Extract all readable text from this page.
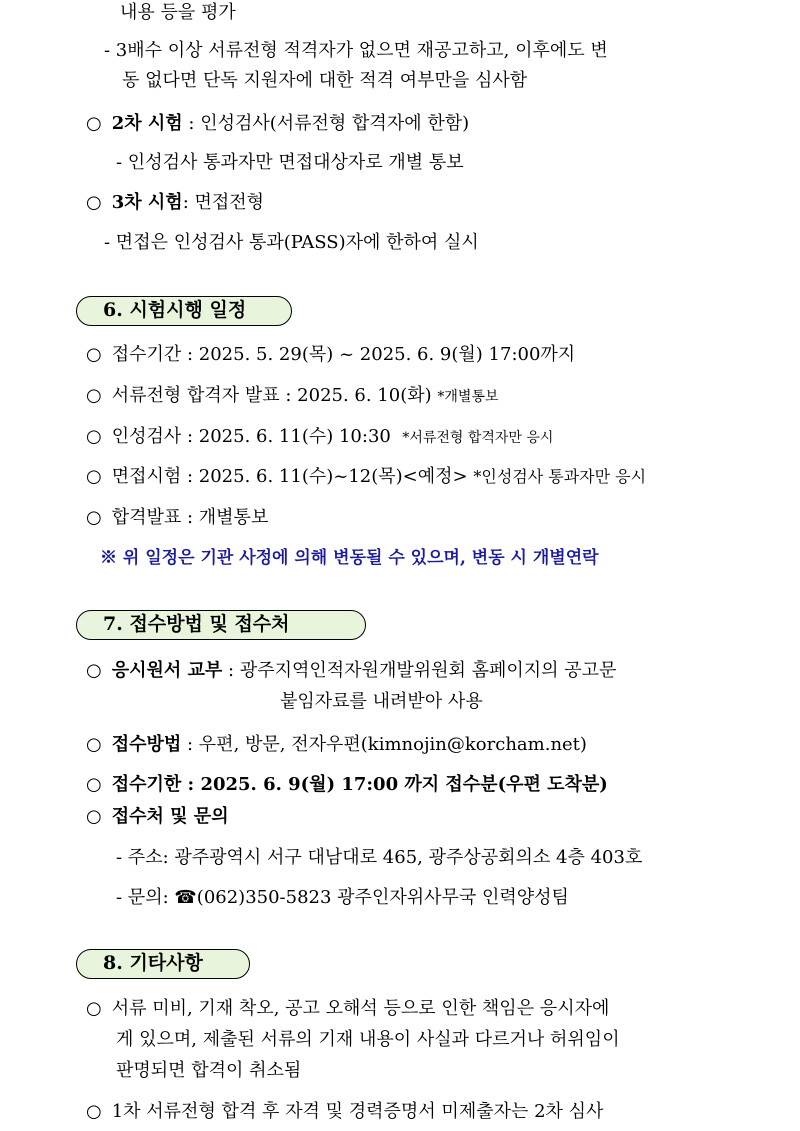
내용 등을 평가
- 3배수 이상 서류전형 적격자가 없으면 재공고하고, 이후에도 변
동 없다면 단독 지원자에 대한 적격 여부만을 심사함
○ 2차 시험 : 인성검사(서류전형 합격자에 한함)
- 인성검사 통과자만 면접대상자로 개별 통보
○ 3차 시험: 면접전형
- 면접은 인성검사 통과(PASS)자에 한하여 실시
6. 시험시행 일정
○ 접수기간 : 2025. 5. 29(목) ~ 2025. 6. 9(월) 17:00까지
○ 서류전형 합격자 발표 : 2025. 6. 10(화) *개별통보
○ 인성검사 : 2025. 6. 11(수) 10:30 *서류전형 합격자만 응시
○ 면접시험 : 2025. 6. 11(수)~12(목)<예정> *인성검사 통과자만 응시
○ 합격발표 : 개별통보
※ 위 일정은 기관 사정에 의해 변동될 수 있으며, 변동 시 개별연락
7. 접수방법 및 접수처
○ 응시원서 교부 : 광주지역인적자원개발위원회 홈페이지의 공고문
붙임자료를 내려받아 사용
○ 접수방법 : 우편, 방문, 전자우편(kimnojin@korcham.net)
○ 접수기한 : 2025. 6. 9(월) 17:00 까지 접수분(우편 도착분)
○ 접수처 및 문의
- 주소: 광주광역시 서구 대남대로 465, 광주상공회의소 4층 403호
- 문의: ☎(062)350-5823 광주인자위사무국 인력양성팀
8. 기타사항
○ 서류 미비, 기재 착오, 공고 오해석 등으로 인한 책임은 응시자에
게 있으며, 제출된 서류의 기재 내용이 사실과 다르거나 허위임이
판명되면 합격이 취소됨
○ 1차 서류전형 합격 후 자격 및 경력증명서 미제출자는 2차 심사
